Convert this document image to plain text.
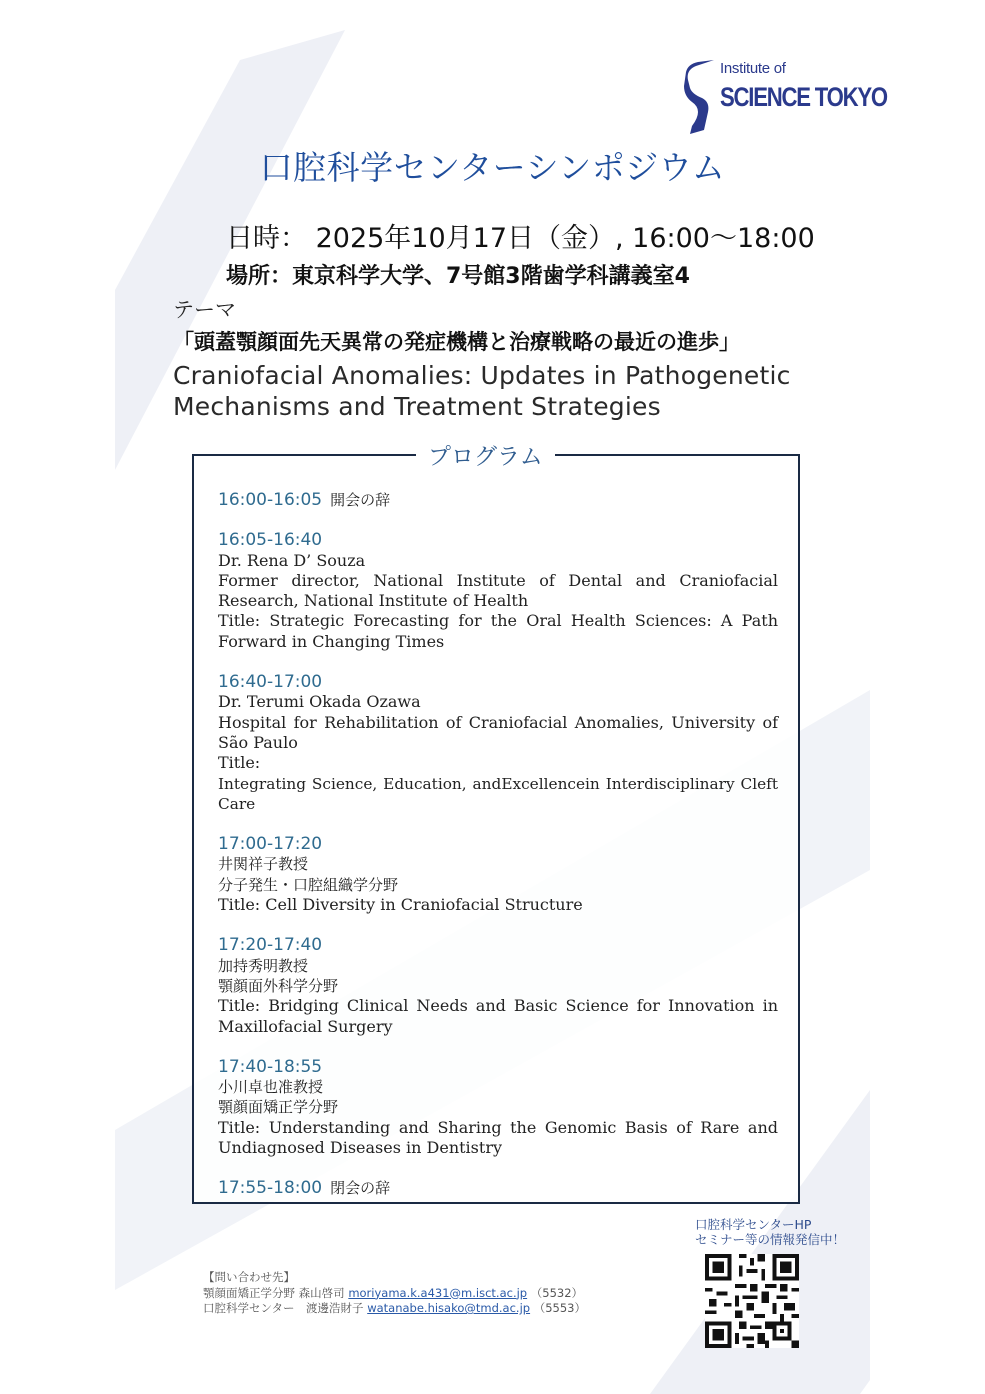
Institute of
SCIENCE TOKYO
口腔科学センターシンポジウム
日時： 2025年10月17日（金）, 16:00～18:00
場所：東京科学大学、7号館3階歯学科講義室4
テーマ
「頭蓋顎顔面先天異常の発症機構と治療戦略の最近の進歩」
Craniofacial Anomalies: Updates in Pathogenetic Mechanisms and Treatment Strategies
プログラム
16:00-16:05 開会の辞
16:05-16:40
Dr. Rena D’ Souza
Former director, National Institute of Dental and Craniofacial Research, National Institute of Health
Title: Strategic Forecasting for the Oral Health Sciences: A Path Forward in Changing Times
16:40-17:00
Dr. Terumi Okada Ozawa
Hospital for Rehabilitation of Craniofacial Anomalies, University of São Paulo
Title:
Integrating Science, Education, andExcellencein Interdisciplinary Cleft Care
17:00-17:20
井関祥子教授
分子発生・口腔組織学分野
Title: Cell Diversity in Craniofacial Structure
17:20-17:40
加持秀明教授
顎顔面外科学分野
Title: Bridging Clinical Needs and Basic Science for Innovation in Maxillofacial Surgery
17:40-18:55
小川卓也准教授
顎顔面矯正学分野
Title: Understanding and Sharing the Genomic Basis of Rare and Undiagnosed Diseases in Dentistry
17:55-18:00 閉会の辞
口腔科学センターHP
セミナー等の情報発信中！
【問い合わせ先】
顎顔面矯正学分野 森山啓司 moriyama.k.a431@m.isct.ac.jp （5532）
口腔科学センター　渡邊浩財子 watanabe.hisako@tmd.ac.jp （5553）
